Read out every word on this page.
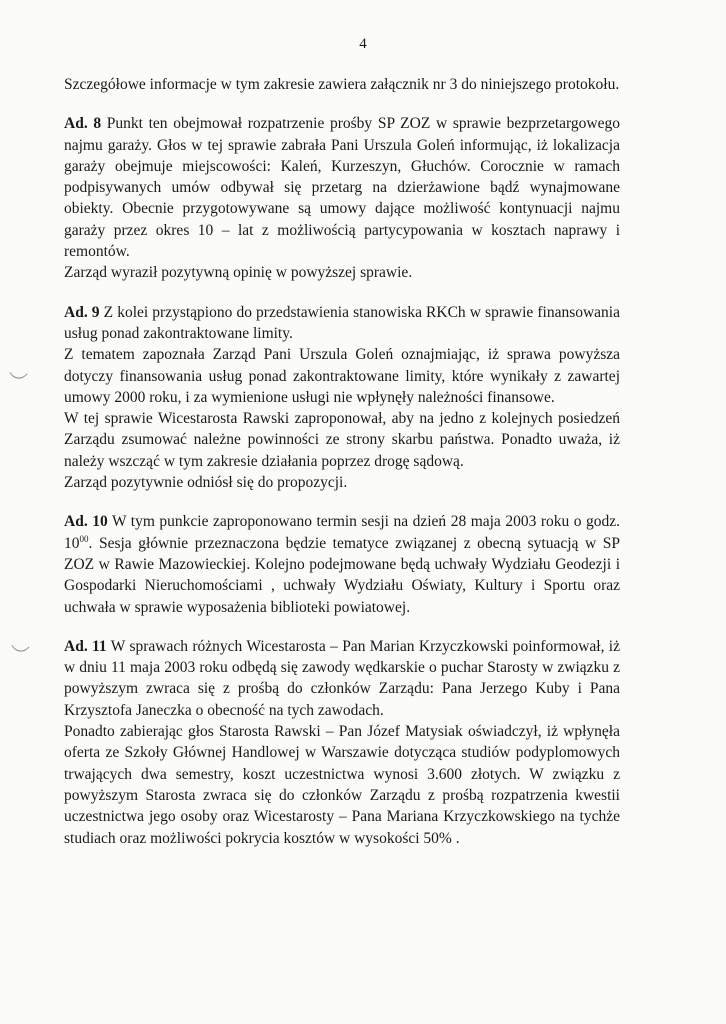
4

Szczegółowe informacje w tym zakresie zawiera załącznik nr 3 do niniejszego protokołu.

Ad. 8 Punkt ten obejmował rozpatrzenie prośby SP ZOZ w sprawie bezprzetargowego najmu garaży. Głos w tej sprawie zabrała Pani Urszula Goleń informując, iż lokalizacja garaży obejmuje miejscowości: Kaleń, Kurzeszyn, Głuchów. Corocznie w ramach podpisywanych umów odbywał się przetarg na dzierżawione bądź wynajmowane obiekty. Obecnie przygotowywane są umowy dające możliwość kontynuacji najmu garaży przez okres 10 – lat z możliwością partycypowania w kosztach naprawy i remontów.

Zarząd wyraził pozytywną opinię w powyższej sprawie.

Ad. 9 Z kolei przystąpiono do przedstawienia stanowiska RKCh w sprawie finansowania usług ponad zakontraktowane limity.

Z tematem zapoznała Zarząd Pani Urszula Goleń oznajmiając, iż sprawa powyższa dotyczy finansowania usług ponad zakontraktowane limity, które wynikały z zawartej umowy 2000 roku, i za wymienione usługi nie wpłynęły należności finansowe.

W tej sprawie Wicestarosta Rawski zaproponował, aby na jedno z kolejnych posiedzeń Zarządu zsumować należne powinności ze strony skarbu państwa. Ponadto uważa, iż należy wszcząć w tym zakresie działania poprzez drogę sądową.

Zarząd pozytywnie odniósł się do propozycji.

Ad. 10 W tym punkcie zaproponowano termin sesji na dzień 28 maja 2003 roku o godz. $10^{00}$. Sesja głównie przeznaczona będzie tematyce związanej z obecną sytuacją w SP ZOZ w Rawie Mazowieckiej. Kolejno podejmowane będą uchwały Wydziału Geodezji i Gospodarki Nieruchomościami , uchwały Wydziału Oświaty, Kultury i Sportu oraz uchwała w sprawie wyposażenia biblioteki powiatowej.

Ad. 11 W sprawach różnych Wicestarosta – Pan Marian Krzyczkowski poinformował, iż w dniu 11 maja 2003 roku odbędą się zawody wędkarskie o puchar Starosty w związku z powyższym zwraca się z prośbą do członków Zarządu: Pana Jerzego Kuby i Pana Krzysztofa Janeczka o obecność na tych zawodach.

Ponadto zabierając głos Starosta Rawski – Pan Józef Matysiak oświadczył, iż wpłynęła oferta ze Szkoły Głównej Handlowej w Warszawie dotycząca studiów podyplomowych trwających dwa semestry, koszt uczestnictwa wynosi 3.600 złotych. W związku z powyższym Starosta zwraca się do członków Zarządu z prośbą rozpatrzenia kwestii uczestnictwa jego osoby oraz Wicestarosty – Pana Mariana Krzyczkowskiego na tychże studiach oraz możliwości pokrycia kosztów w wysokości 50% .
